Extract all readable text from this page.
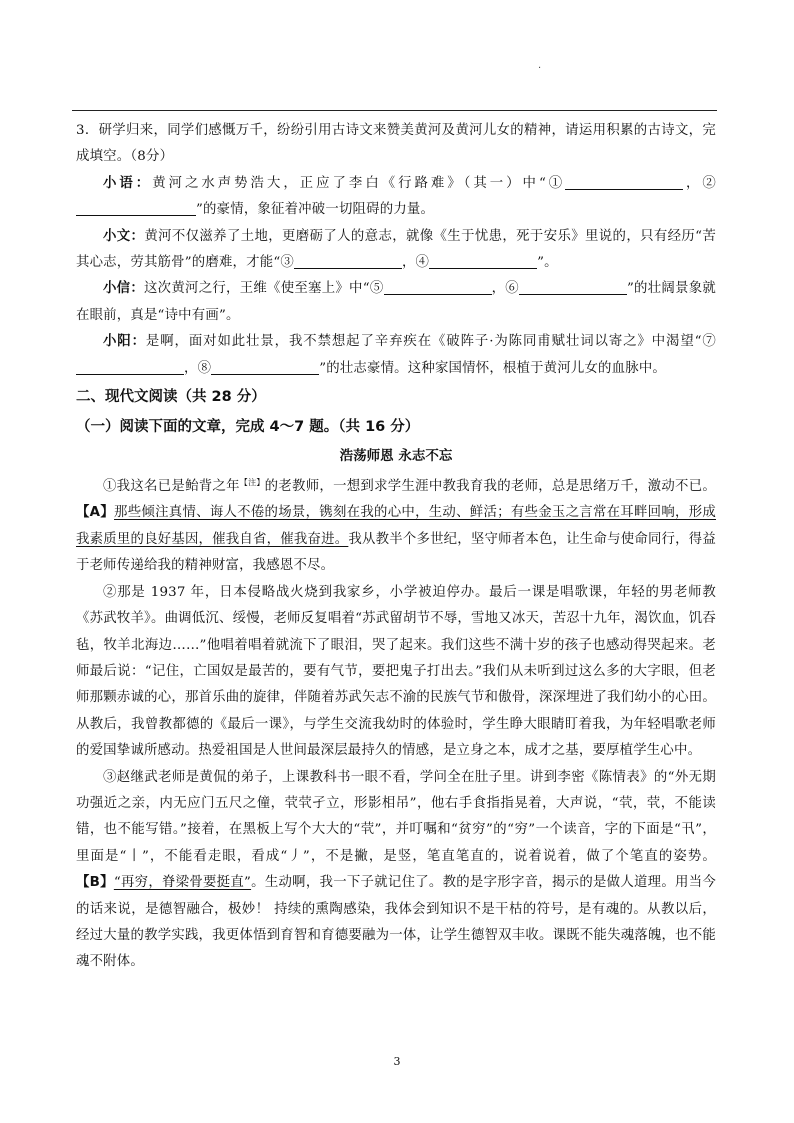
.

3．研学归来，同学们感慨万千，纷纷引用古诗文来赞美黄河及黄河儿女的精神，请运用积累的古诗文，完成填空。（8分）

小语：黄河之水声势浩大，正应了李白《行路难》（其一）中“①	，②”的豪情，象征着冲破一切阻碍的力量。

小文：黄河不仅滋养了土地，更磨砺了人的意志，就像《生于忧患，死于安乐》里说的，只有经历“苦其心志，劳其筋骨”的磨难，才能“③	，④	”。

小信：这次黄河之行，王维《使至塞上》中“⑤	，⑥	”的壮阔景象就在眼前，真是“诗中有画”。

小阳：是啊，面对如此壮景，我不禁想起了辛弃疾在《破阵子·为陈同甫赋壮词以寄之》中渴望“⑦，⑧	”的壮志豪情。这种家国情怀，根植于黄河儿女的血脉中。

二、现代文阅读（共 28 分）

（一）阅读下面的文章，完成 4～7 题。（共 16 分）

浩荡师恩 永志不忘

①我这名已是鲐背之年$^{【注】}$的老教师，一想到求学生涯中教我育我的老师，总是思绪万千，激动不已。【A】那些倾注真情、诲人不倦的场景，镌刻在我的心中，生动、鲜活；有些金玉之言常在耳畔回响，形成我素质里的良好基因，催我自省，催我奋进。我从教半个多世纪，坚守师者本色，让生命与使命同行，得益于老师传递给我的精神财富，我感恩不尽。

②那是 1937 年，日本侵略战火烧到我家乡，小学被迫停办。最后一课是唱歌课，年轻的男老师教《苏武牧羊》。曲调低沉、绥慢，老师反复唱着“苏武留胡节不辱，雪地又冰天，苦忍十九年，渴饮血，饥吞毡，牧羊北海边……”他唱着唱着就流下了眼泪，哭了起来。我们这些不满十岁的孩子也感动得哭起来。老师最后说：“记住，亡国奴是最苦的，要有气节，要把鬼子打出去。”我们从未听到过这么多的大字眼，但老师那颗赤诚的心，那首乐曲的旋律，伴随着苏武矢志不渝的民族气节和傲骨，深深埋进了我们幼小的心田。从教后，我曾教都德的《最后一课》，与学生交流我幼时的体验时，学生睁大眼睛盯着我，为年轻唱歌老师的爱国挚诚所感动。热爱祖国是人世间最深层最持久的情感，是立身之本，成才之基，要厚植学生心中。

③赵继武老师是黄侃的弟子，上课教科书一眼不看，学问全在肚子里。讲到李密《陈情表》的“外无期功强近之亲，内无应门五尺之僮，茕茕孑立，形影相吊”，他右手食指指晃着，大声说，“茕，茕，不能读错，也不能写错。”接着，在黑板上写个大大的“茕”，并叮嘱和“贫穷”的“穷”一个读音，字的下面是“卂”，里面是“丨”，不能看走眼，看成“丿”，不是撇，是竖，笔直笔直的，说着说着，做了个笔直的姿势。【B】“再穷，脊梁骨要挺直”。生动啊，我一下子就记住了。教的是字形字音，揭示的是做人道理。用当今的话来说，是德智融合，极妙！ 持续的熏陶感染，我体会到知识不是干枯的符号，是有魂的。从教以后，经过大量的教学实践，我更体悟到育智和育德要融为一体，让学生德智双丰收。课既不能失魂落魄，也不能魂不附体。

3
